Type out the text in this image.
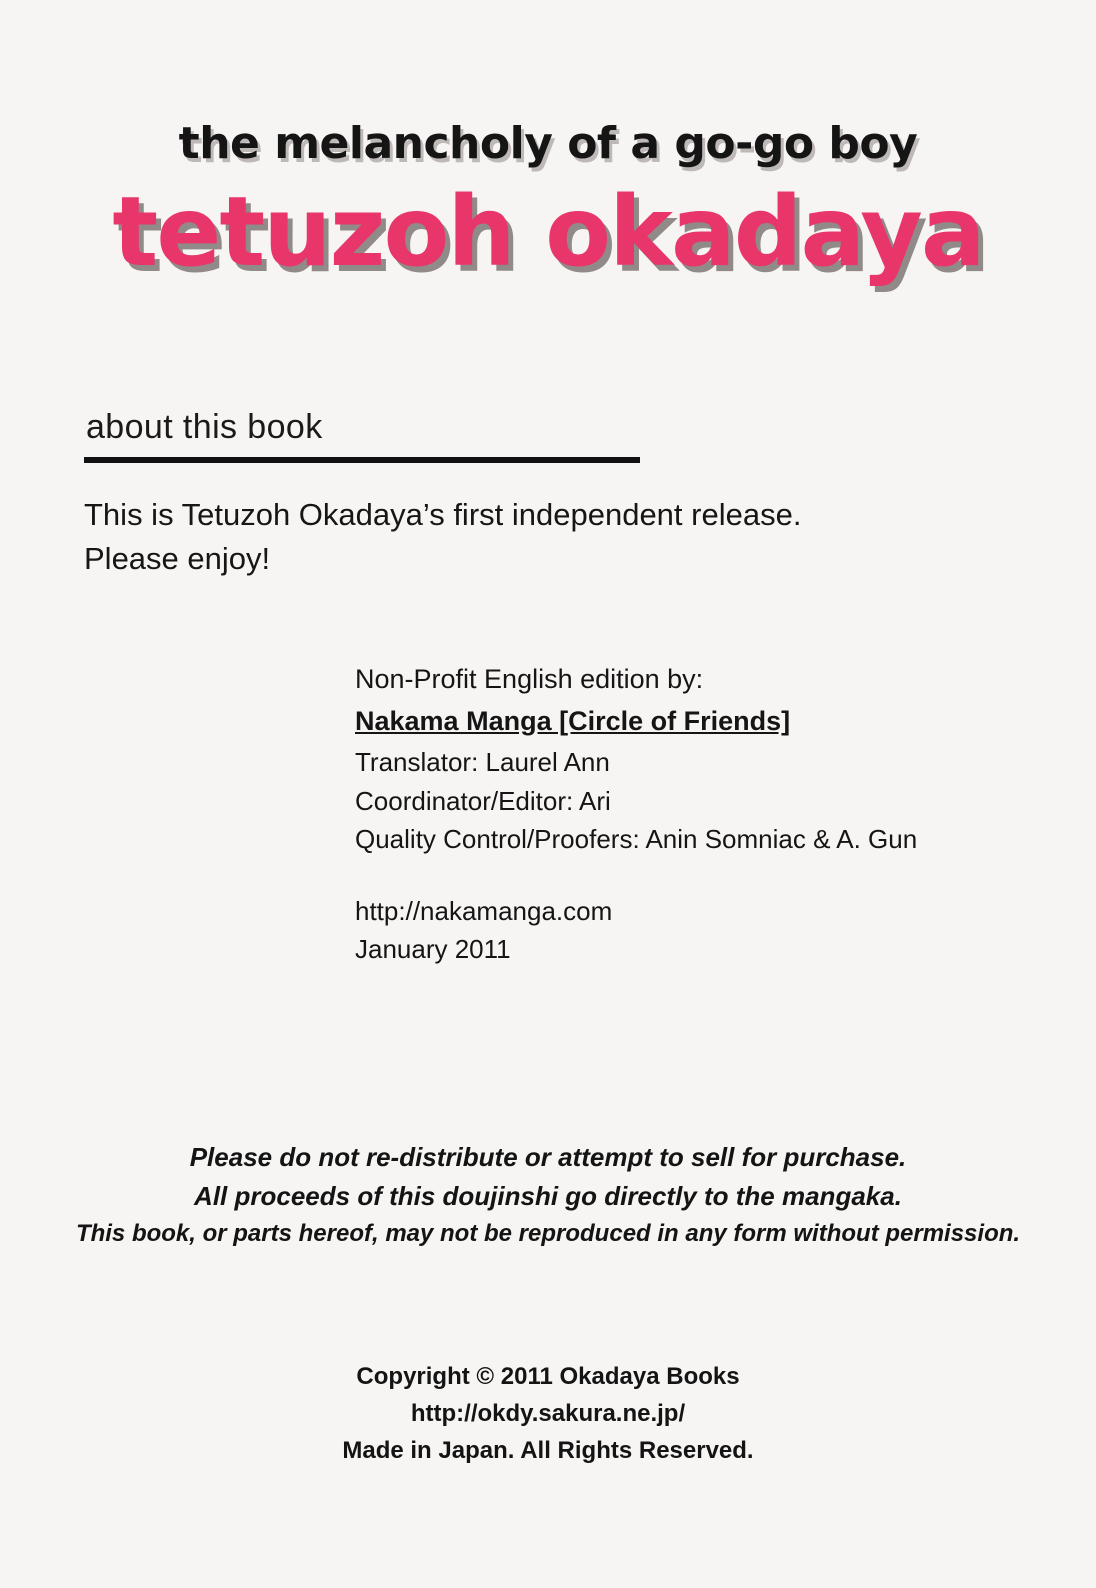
the melancholy of a go-go boy
tetuzoh okadaya
about this book
This is Tetuzoh Okadaya’s first independent release.
Please enjoy!
Non-Profit English edition by:
Nakama Manga [Circle of Friends]
Translator: Laurel Ann
Coordinator/Editor: Ari
Quality Control/Proofers: Anin Somniac & A. Gun
http://nakamanga.com
January 2011
Please do not re-distribute or attempt to sell for purchase.
All proceeds of this doujinshi go directly to the mangaka.
This book, or parts hereof, may not be reproduced in any form without permission.
Copyright © 2011 Okadaya Books
http://okdy.sakura.ne.jp/
Made in Japan. All Rights Reserved.
